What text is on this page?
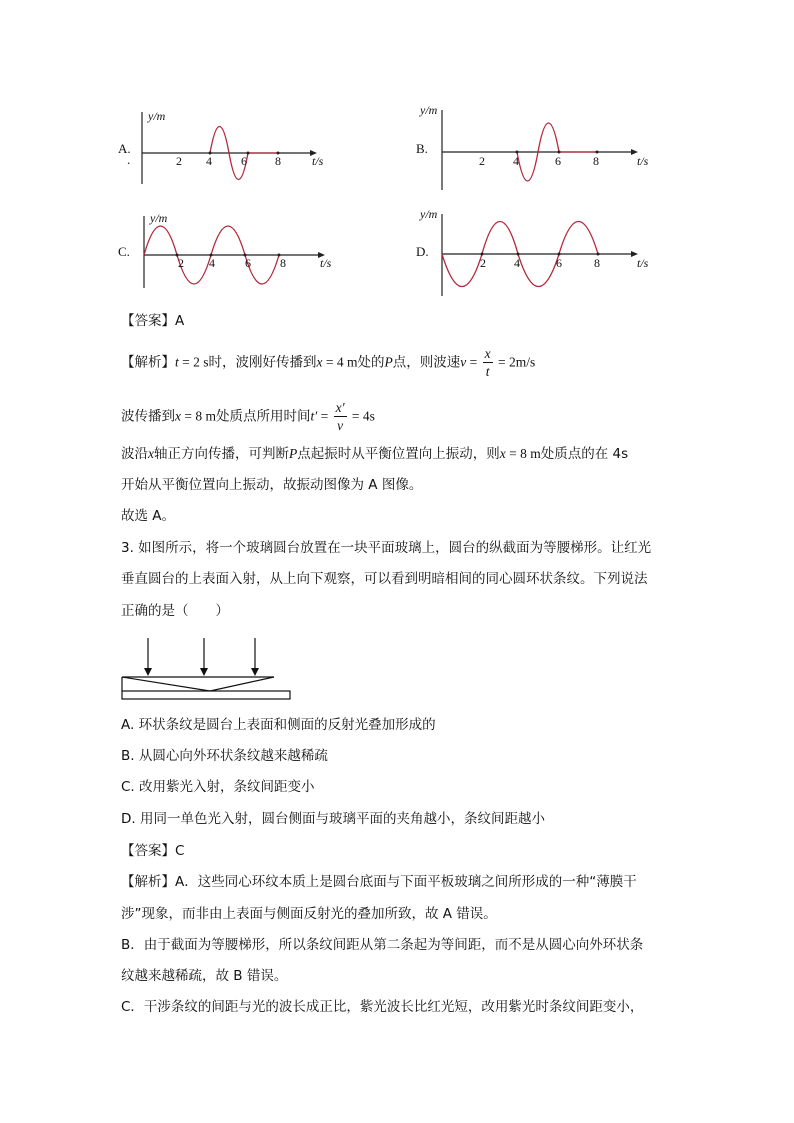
A.
.
y/m
2 4 6 8	t/s
B.
y/m
2 4	6	8	t/s
C.
y/m
2 4	6 8	t/s
D.
y/m
2 4	6	8	t/s
【答案】A
【解析】t = 2 s时，波刚好传播到x = 4 m处的P点，则波速$v = \frac{x}{t} = 2m/s$
波传播到x = 8 m处质点所用时间$t' = \frac{x'}{v} = 4s$
波沿x轴正方向传播，可判断P点起振时从平衡位置向上振动，则x = 8 m处质点的在 4s
开始从平衡位置向上振动，故振动图像为 A 图像。
故选 A。
3. 如图所示，将一个玻璃圆台放置在一块平面玻璃上，圆台的纵截面为等腰梯形。让红光
垂直圆台的上表面入射，从上向下观察，可以看到明暗相间的同心圆环状条纹。下列说法
正确的是（　　）
A. 环状条纹是圆台上表面和侧面的反射光叠加形成的
B. 从圆心向外环状条纹越来越稀疏
C. 改用紫光入射，条纹间距变小
D. 用同一单色光入射，圆台侧面与玻璃平面的夹角越小，条纹间距越小
【答案】C
【解析】A．这些同心环纹本质上是圆台底面与下面平板玻璃之间所形成的一种“薄膜干
涉”现象，而非由上表面与侧面反射光的叠加所致，故 A 错误。
B．由于截面为等腰梯形，所以条纹间距从第二条起为等间距，而不是从圆心向外环状条
纹越来越稀疏，故 B 错误。
C．干涉条纹的间距与光的波长成正比，紫光波长比红光短，改用紫光时条纹间距变小，
